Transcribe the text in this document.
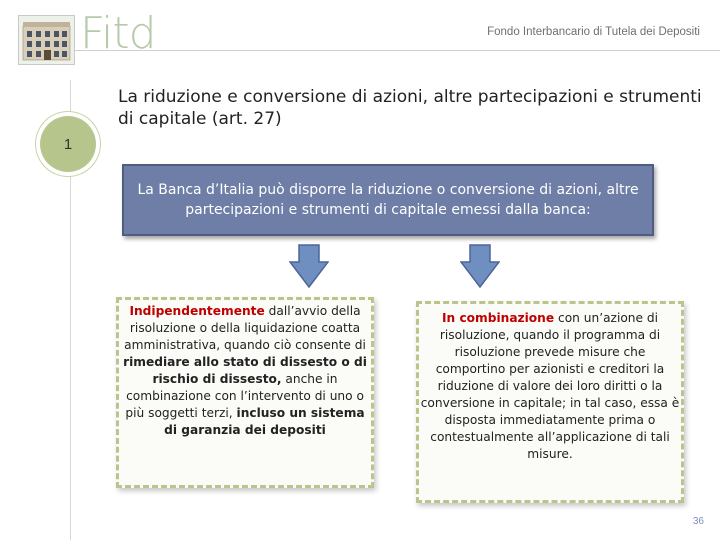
Fitd	Fondo Interbancario di Tutela dei Depositi
1
La riduzione e conversione di azioni, altre partecipazioni e strumenti di capitale (art. 27)
La Banca d’Italia può disporre la riduzione o conversione di azioni, altre partecipazioni e strumenti di capitale emessi dalla banca:
Indipendentemente dall’avvio della risoluzione o della liquidazione coatta amministrativa, quando ciò consente di rimediare allo stato di dissesto o di rischio di dissesto, anche in combinazione con l’intervento di uno o più soggetti terzi, incluso un sistema di garanzia dei depositi
In combinazione con un’azione di risoluzione, quando il programma di risoluzione prevede misure che comportino per azionisti e creditori la riduzione di valore dei loro diritti o la conversione in capitale; in tal caso, essa è disposta immediatamente prima o contestualmente all’applicazione di tali misure.
36
